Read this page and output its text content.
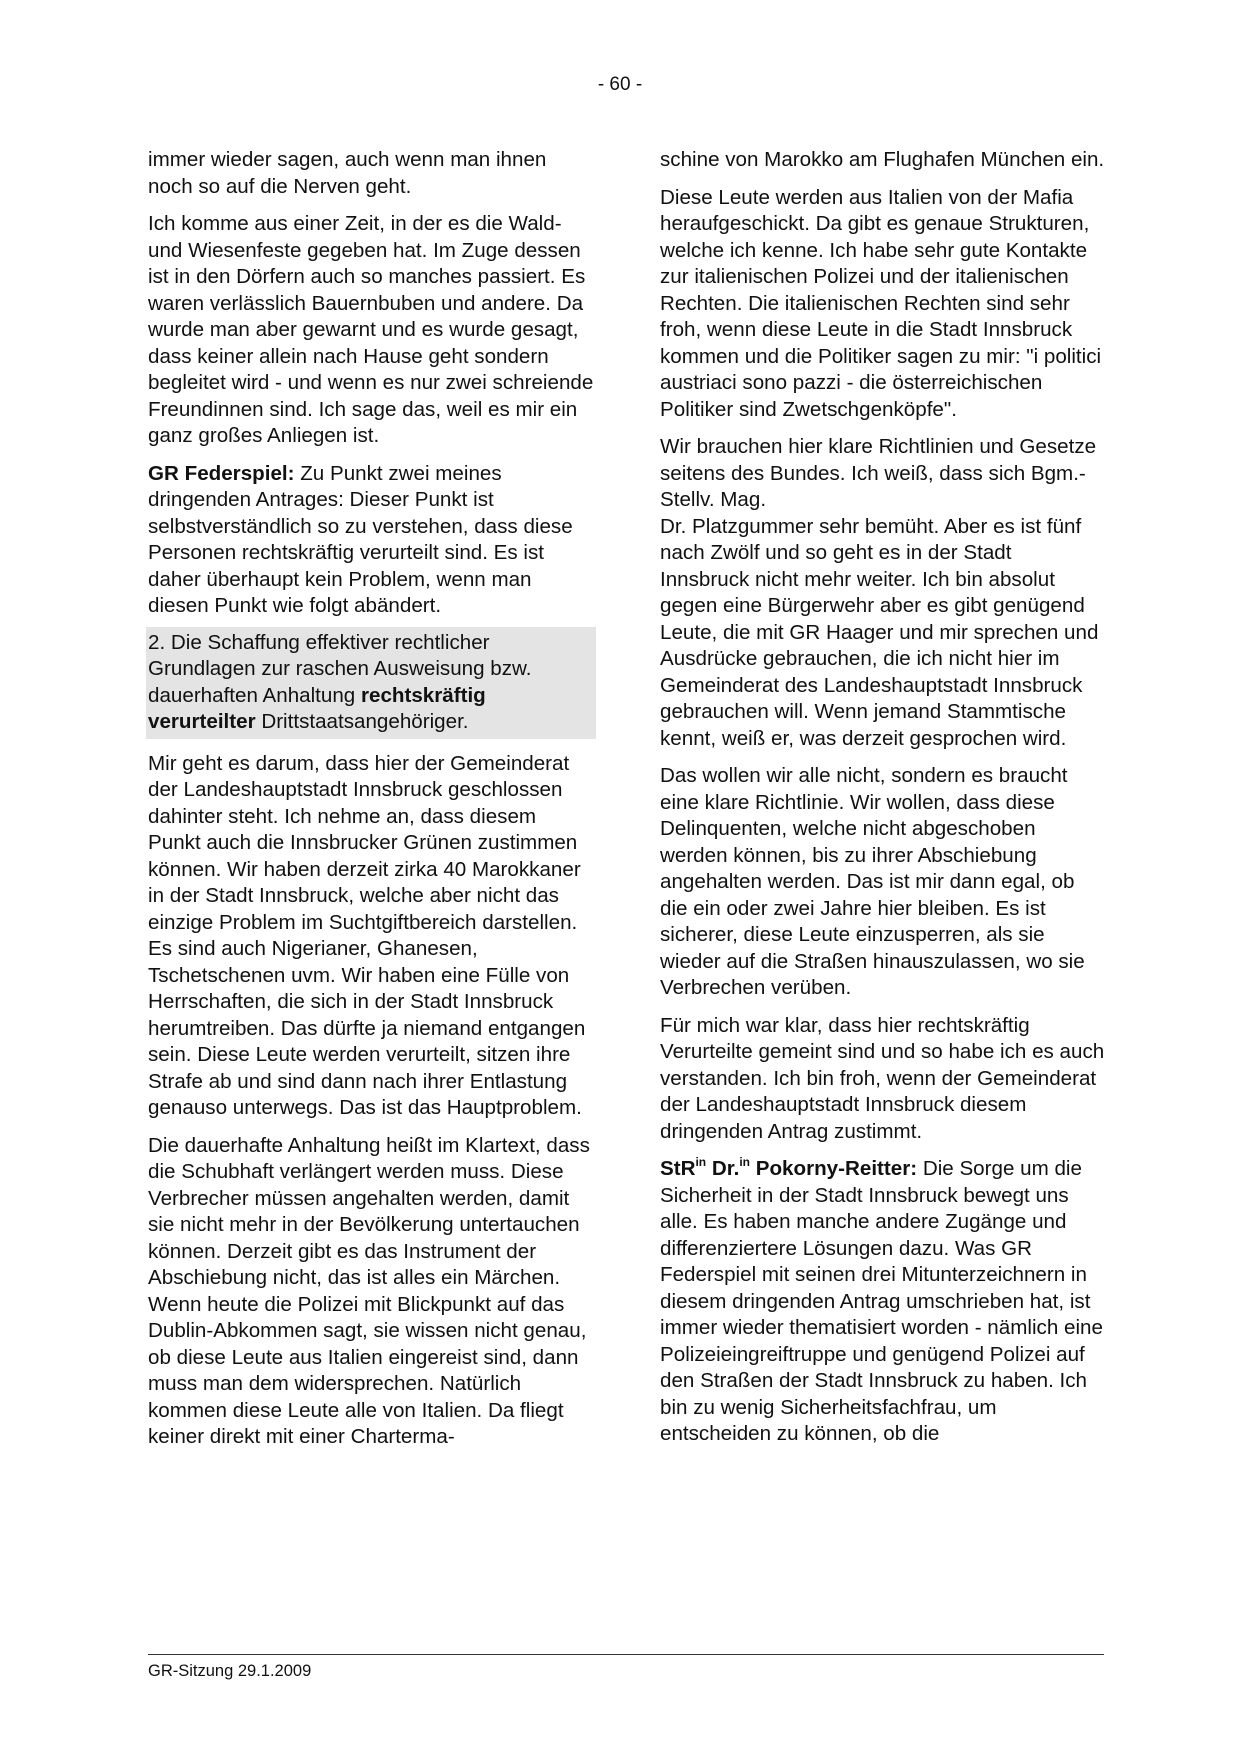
- 60 -

immer wieder sagen, auch wenn man ihnen noch so auf die Nerven geht.

Ich komme aus einer Zeit, in der es die Wald- und Wiesenfeste gegeben hat. Im Zuge dessen ist in den Dörfern auch so manches passiert. Es waren verlässlich Bauernbuben und andere. Da wurde man aber gewarnt und es wurde gesagt, dass keiner allein nach Hause geht sondern begleitet wird - und wenn es nur zwei schreiende Freundinnen sind. Ich sage das, weil es mir ein ganz großes Anliegen ist.

GR Federspiel: Zu Punkt zwei meines dringenden Antrages: Dieser Punkt ist selbstverständlich so zu verstehen, dass diese Personen rechtskräftig verurteilt sind. Es ist daher überhaupt kein Problem, wenn man diesen Punkt wie folgt abändert.

2. Die Schaffung effektiver rechtlicher Grundlagen zur raschen Ausweisung bzw. dauerhaften Anhaltung rechtskräftig verurteilter Drittstaatsangehöriger.

Mir geht es darum, dass hier der Gemeinderat der Landeshauptstadt Innsbruck geschlossen dahinter steht. Ich nehme an, dass diesem Punkt auch die Innsbrucker Grünen zustimmen können. Wir haben derzeit zirka 40 Marokkaner in der Stadt Innsbruck, welche aber nicht das einzige Problem im Suchtgiftbereich darstellen. Es sind auch Nigerianer, Ghanesen, Tschetschenen uvm. Wir haben eine Fülle von Herrschaften, die sich in der Stadt Innsbruck herumtreiben. Das dürfte ja niemand entgangen sein. Diese Leute werden verurteilt, sitzen ihre Strafe ab und sind dann nach ihrer Entlastung genauso unterwegs. Das ist das Hauptproblem.

Die dauerhafte Anhaltung heißt im Klartext, dass die Schubhaft verlängert werden muss. Diese Verbrecher müssen angehalten werden, damit sie nicht mehr in der Bevölkerung untertauchen können. Derzeit gibt es das Instrument der Abschiebung nicht, das ist alles ein Märchen. Wenn heute die Polizei mit Blickpunkt auf das Dublin-Abkommen sagt, sie wissen nicht genau, ob diese Leute aus Italien eingereist sind, dann muss man dem widersprechen. Natürlich kommen diese Leute alle von Italien. Da fliegt keiner direkt mit einer Charterma-

schine von Marokko am Flughafen München ein.

Diese Leute werden aus Italien von der Mafia heraufgeschickt. Da gibt es genaue Strukturen, welche ich kenne. Ich habe sehr gute Kontakte zur italienischen Polizei und der italienischen Rechten. Die italienischen Rechten sind sehr froh, wenn diese Leute in die Stadt Innsbruck kommen und die Politiker sagen zu mir: "i politici austriaci sono pazzi - die österreichischen Politiker sind Zwetschgenköpfe".

Wir brauchen hier klare Richtlinien und Gesetze seitens des Bundes. Ich weiß, dass sich Bgm.-Stellv. Mag.
Dr. Platzgummer sehr bemüht. Aber es ist fünf nach Zwölf und so geht es in der Stadt Innsbruck nicht mehr weiter. Ich bin absolut gegen eine Bürgerwehr aber es gibt genügend Leute, die mit GR Haager und mir sprechen und Ausdrücke gebrauchen, die ich nicht hier im Gemeinderat des Landeshauptstadt Innsbruck gebrauchen will. Wenn jemand Stammtische kennt, weiß er, was derzeit gesprochen wird.

Das wollen wir alle nicht, sondern es braucht eine klare Richtlinie. Wir wollen, dass diese Delinquenten, welche nicht abgeschoben werden können, bis zu ihrer Abschiebung angehalten werden. Das ist mir dann egal, ob die ein oder zwei Jahre hier bleiben. Es ist sicherer, diese Leute einzusperren, als sie wieder auf die Straßen hinauszulassen, wo sie Verbrechen verüben.

Für mich war klar, dass hier rechtskräftig Verurteilte gemeint sind und so habe ich es auch verstanden. Ich bin froh, wenn der Gemeinderat der Landeshauptstadt Innsbruck diesem dringenden Antrag zustimmt.

StR$^{in}$ Dr.$^{in}$ Pokorny-Reitter: Die Sorge um die Sicherheit in der Stadt Innsbruck bewegt uns alle. Es haben manche andere Zugänge und differenziertere Lösungen dazu. Was GR Federspiel mit seinen drei Mitunterzeichnern in diesem dringenden Antrag umschrieben hat, ist immer wieder thematisiert worden - nämlich eine Polizeieingreiftruppe und genügend Polizei auf den Straßen der Stadt Innsbruck zu haben. Ich bin zu wenig Sicherheitsfachfrau, um entscheiden zu können, ob die

GR-Sitzung 29.1.2009
